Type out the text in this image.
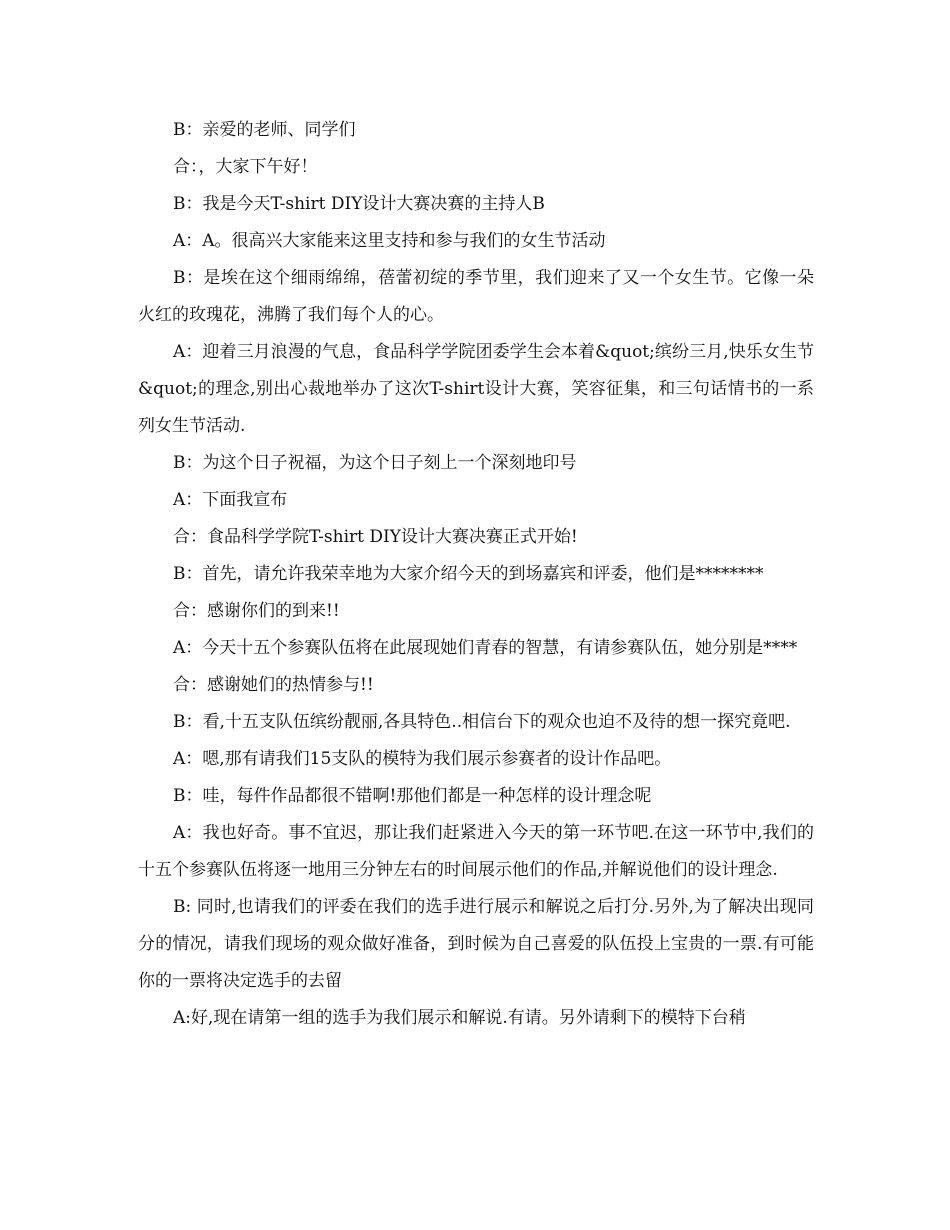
B：亲爱的老师、同学们

合：，大家下午好！

B：我是今天T-shirt DIY设计大赛决赛的主持人B

A：A。很高兴大家能来这里支持和参与我们的女生节活动

B：是埃在这个细雨绵绵，蓓蕾初绽的季节里，我们迎来了又一个女生节。它像一朵火红的玫瑰花，沸腾了我们每个人的心。

A：迎着三月浪漫的气息，食品科学学院团委学生会本着&quot;缤纷三月,快乐女生节&quot;的理念,别出心裁地举办了这次T-shirt设计大赛，笑容征集，和三句话情书的一系列女生节活动.

B：为这个日子祝福，为这个日子刻上一个深刻地印号

A：下面我宣布

合：食品科学学院T-shirt DIY设计大赛决赛正式开始!

B：首先，请允许我荣幸地为大家介绍今天的到场嘉宾和评委，他们是********

合：感谢你们的到来!!

A：今天十五个参赛队伍将在此展现她们青春的智慧，有请参赛队伍，她分别是****

合：感谢她们的热情参与!!

B：看,十五支队伍缤纷靓丽,各具特色..相信台下的观众也迫不及待的想一探究竟吧.

A：嗯,那有请我们15支队的模特为我们展示参赛者的设计作品吧。

B：哇，每件作品都很不错啊!那他们都是一种怎样的设计理念呢

A：我也好奇。事不宜迟，那让我们赶紧进入今天的第一环节吧.在这一环节中,我们的十五个参赛队伍将逐一地用三分钟左右的时间展示他们的作品,并解说他们的设计理念.

B: 同时,也请我们的评委在我们的选手进行展示和解说之后打分.另外,为了解决出现同分的情况，请我们现场的观众做好准备，到时候为自己喜爱的队伍投上宝贵的一票.有可能你的一票将决定选手的去留

A:好,现在请第一组的选手为我们展示和解说.有请。另外请剩下的模特下台稍
